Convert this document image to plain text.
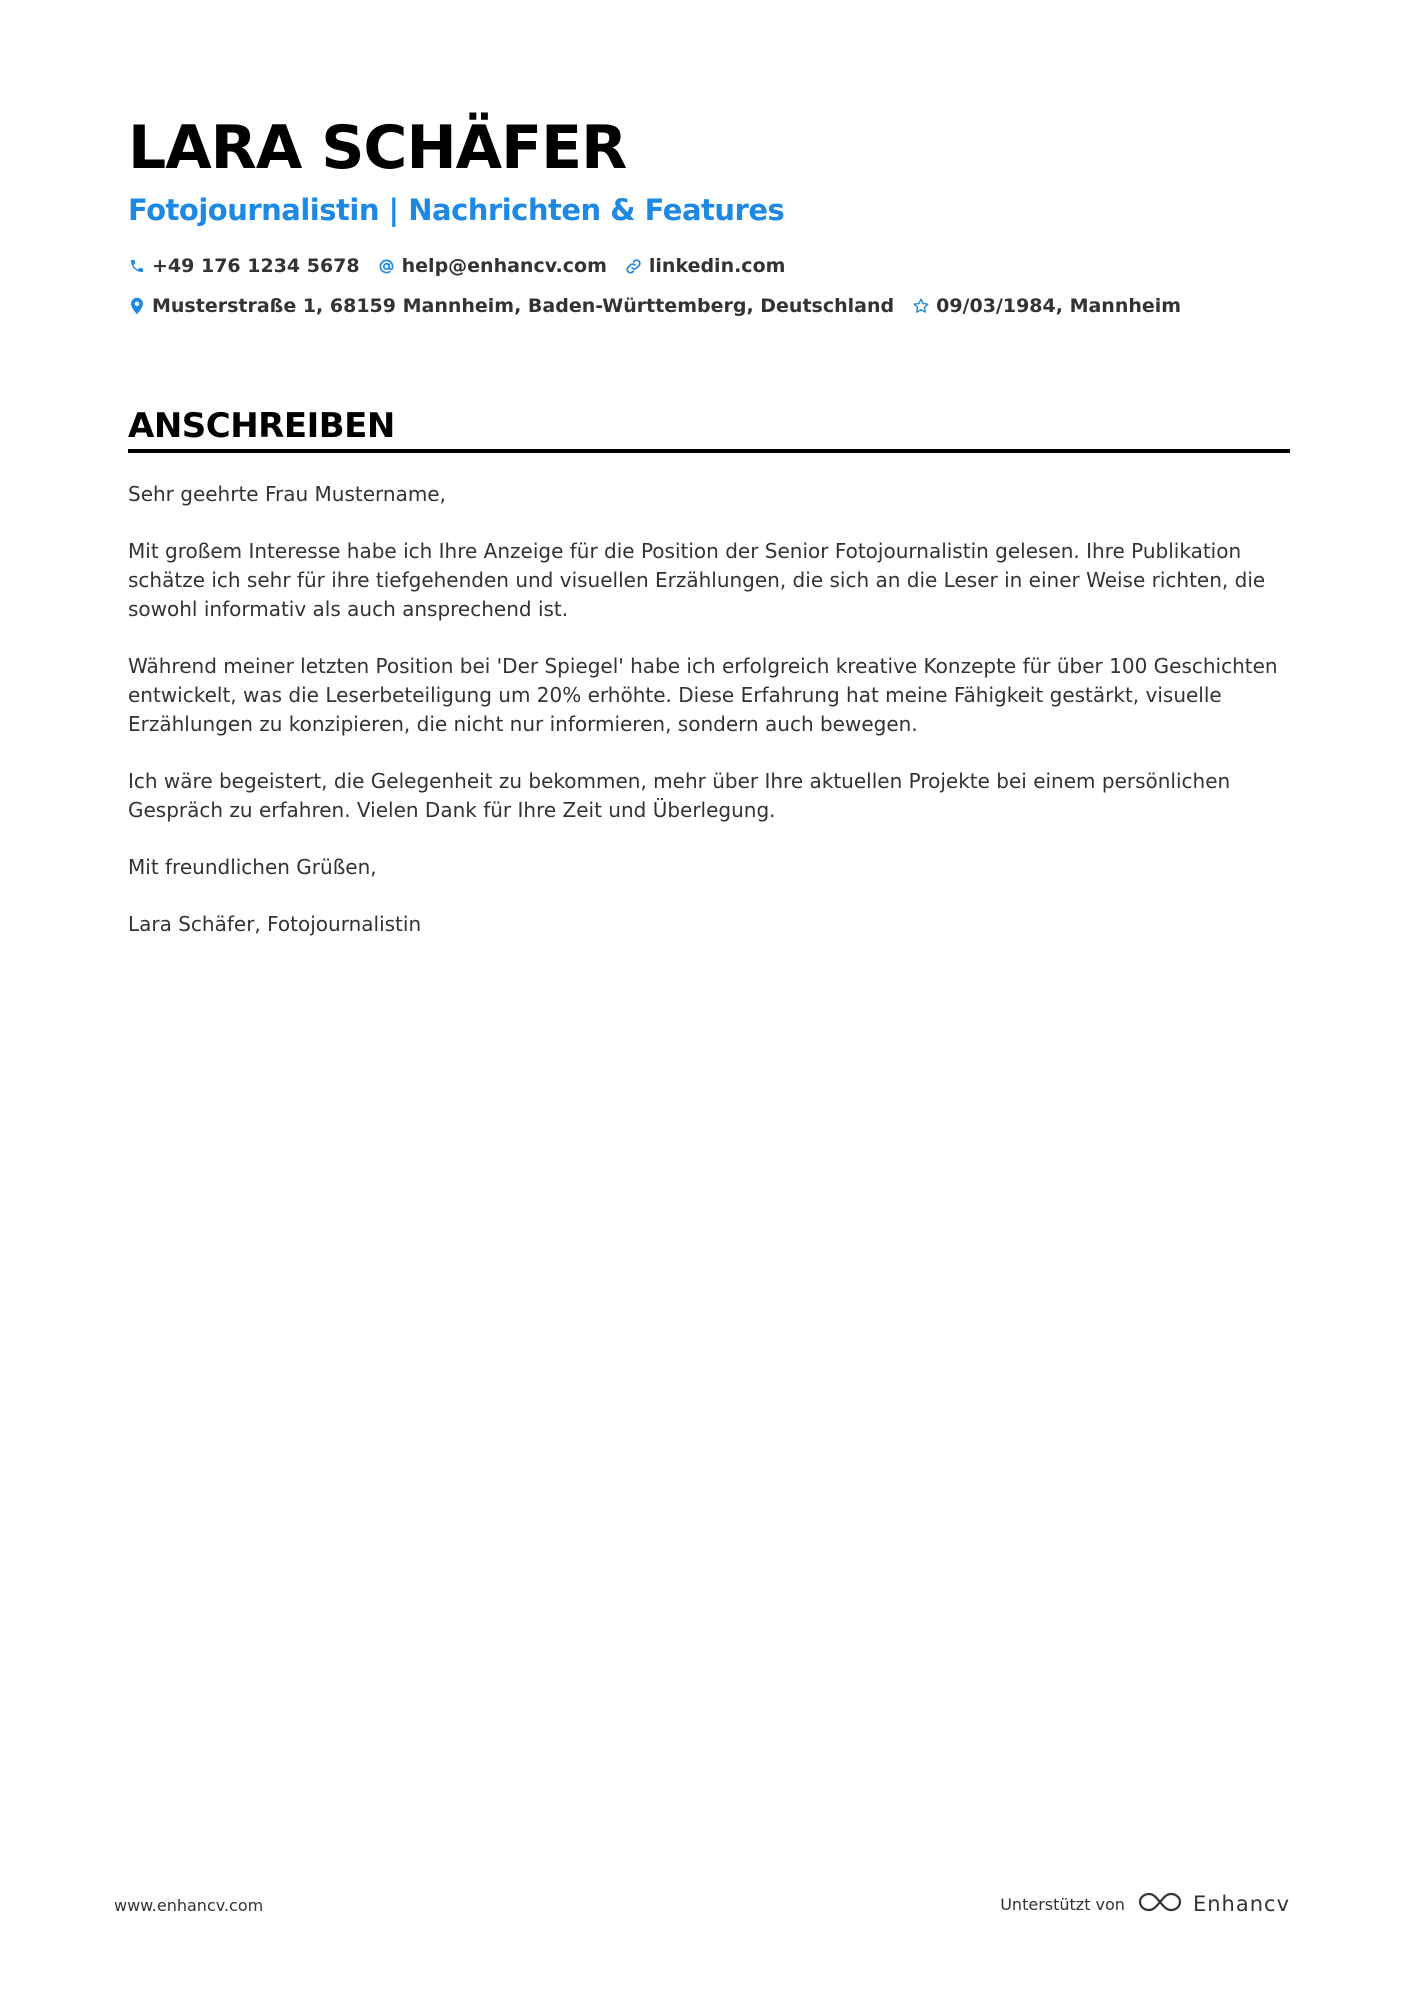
LARA SCHÄFER
Fotojournalistin | Nachrichten & Features
+49 176 1234 5678 help@enhancv.com linkedin.com
Musterstraße 1, 68159 Mannheim, Baden-Württemberg, Deutschland 09/03/1984, Mannheim
ANSCHREIBEN

Sehr geehrte Frau Mustername,

Mit großem Interesse habe ich Ihre Anzeige für die Position der Senior Fotojournalistin gelesen. Ihre Publikation schätze ich sehr für ihre tiefgehenden und visuellen Erzählungen, die sich an die Leser in einer Weise richten, die sowohl informativ als auch ansprechend ist.

Während meiner letzten Position bei 'Der Spiegel' habe ich erfolgreich kreative Konzepte für über 100 Geschichten entwickelt, was die Leserbeteiligung um 20% erhöhte. Diese Erfahrung hat meine Fähigkeit gestärkt, visuelle Erzählungen zu konzipieren, die nicht nur informieren, sondern auch bewegen.

Ich wäre begeistert, die Gelegenheit zu bekommen, mehr über Ihre aktuellen Projekte bei einem persönlichen Gespräch zu erfahren. Vielen Dank für Ihre Zeit und Überlegung.

Mit freundlichen Grüßen,

Lara Schäfer, Fotojournalistin

www.enhancv.com	Unterstützt von	Enhancv
